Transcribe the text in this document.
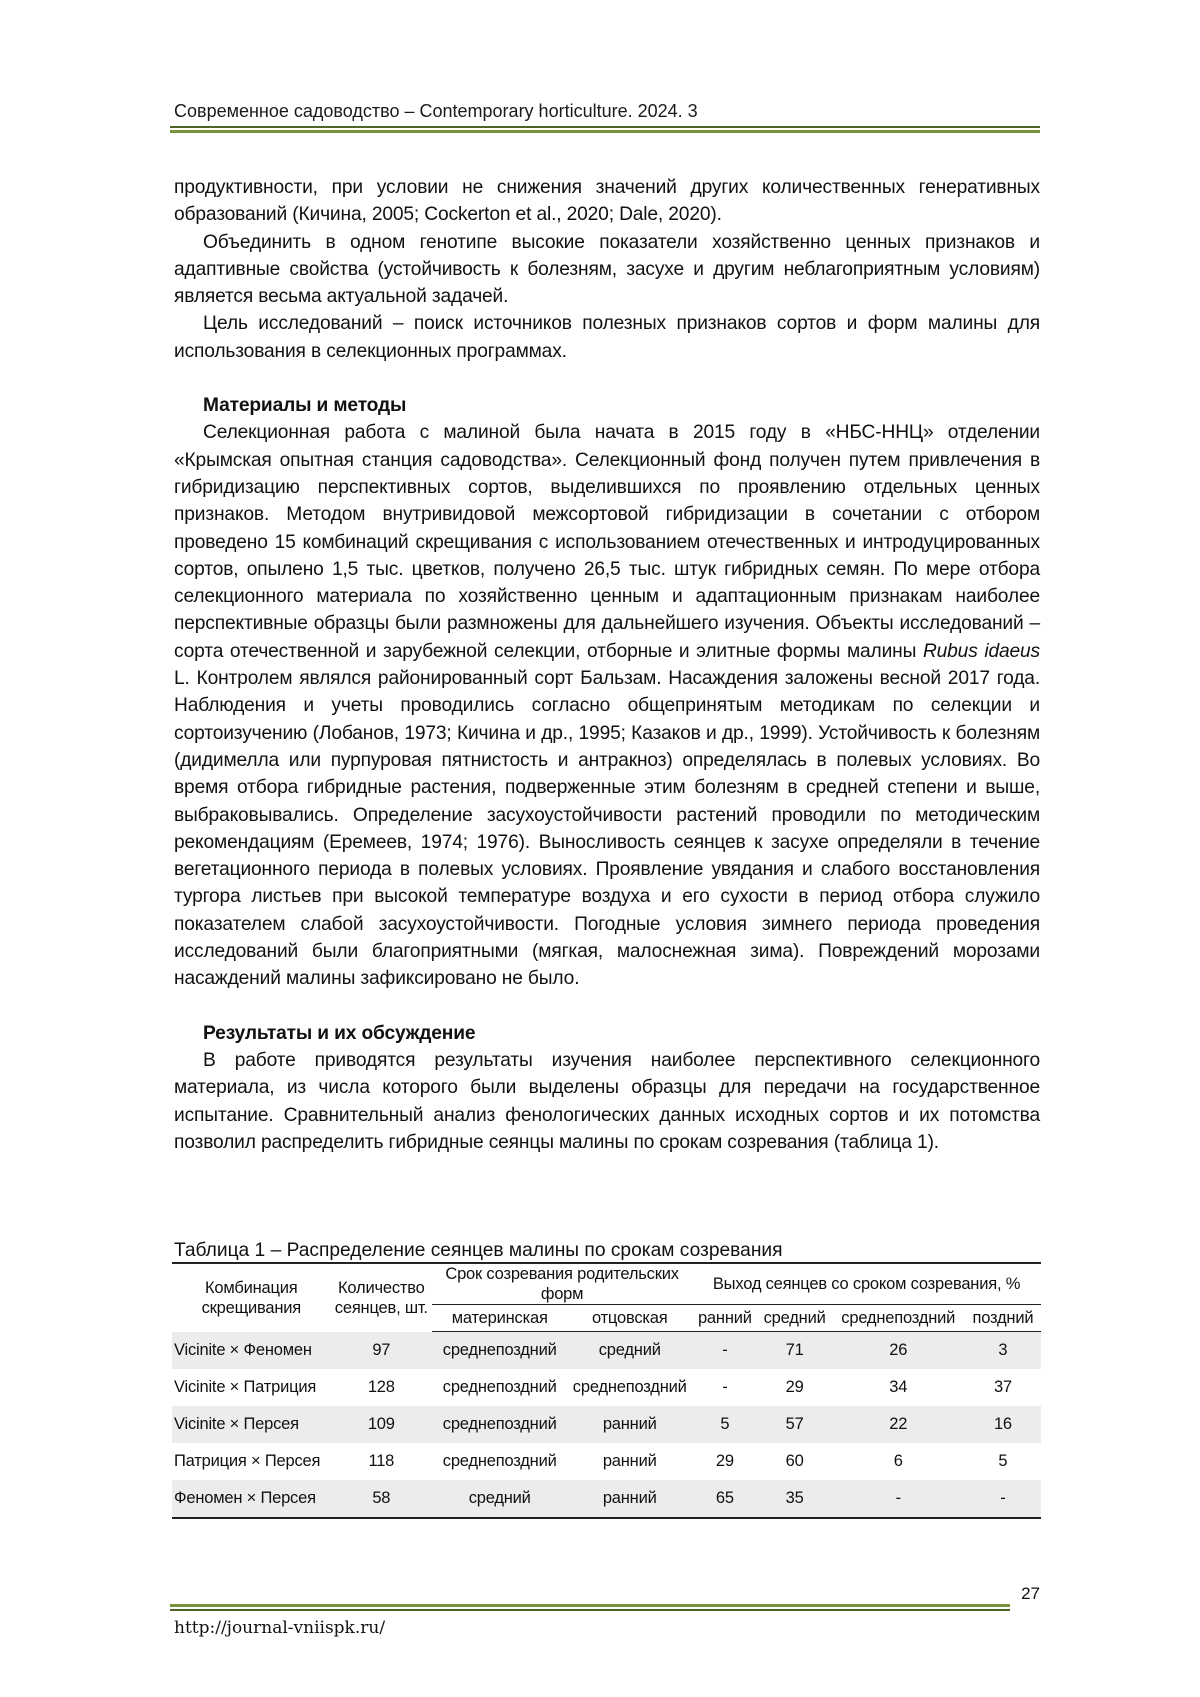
Современное садоводство – Contemporary horticulture. 2024. 3

продуктивности, при условии не снижения значений других количественных генеративных образований (Кичина, 2005; Cockerton et al., 2020; Dale, 2020).

Объединить в одном генотипе высокие показатели хозяйственно ценных признаков и адаптивные свойства (устойчивость к болезням, засухе и другим неблагоприятным условиям) является весьма актуальной задачей.

Цель исследований – поиск источников полезных признаков сортов и форм малины для использования в селекционных программах.

Материалы и методы

Селекционная работа с малиной была начата в 2015 году в «НБС-ННЦ» отделении «Крымская опытная станция садоводства». Селекционный фонд получен путем привлечения в гибридизацию перспективных сортов, выделившихся по проявлению отдельных ценных признаков. Методом внутривидовой межсортовой гибридизации в сочетании с отбором проведено 15 комбинаций скрещивания с использованием отечественных и интродуцированных сортов, опылено 1,5 тыс. цветков, получено 26,5 тыс. штук гибридных семян. По мере отбора селекционного материала по хозяйственно ценным и адаптационным признакам наиболее перспективные образцы были размножены для дальнейшего изучения. Объекты исследований – сорта отечественной и зарубежной селекции, отборные и элитные формы малины Rubus idaeus L. Контролем являлся районированный сорт Бальзам. Насаждения заложены весной 2017 года. Наблюдения и учеты проводились согласно общепринятым методикам по селекции и сортоизучению (Лобанов, 1973; Кичина и др., 1995; Казаков и др., 1999). Устойчивость к болезням (дидимелла или пурпуровая пятнистость и антракноз) определялась в полевых условиях. Во время отбора гибридные растения, подверженные этим болезням в средней степени и выше, выбраковывались. Определение засухоустойчивости растений проводили по методическим рекомендациям (Еремеев, 1974; 1976). Выносливость сеянцев к засухе определяли в течение вегетационного периода в полевых условиях. Проявление увядания и слабого восстановления тургора листьев при высокой температуре воздуха и его сухости в период отбора служило показателем слабой засухоустойчивости. Погодные условия зимнего периода проведения исследований были благоприятными (мягкая, малоснежная зима). Повреждений морозами насаждений малины зафиксировано не было.

Результаты и их обсуждение

В работе приводятся результаты изучения наиболее перспективного селекционного материала, из числа которого были выделены образцы для передачи на государственное испытание. Сравнительный анализ фенологических данных исходных сортов и их потомства позволил распределить гибридные сеянцы малины по срокам созревания (таблица 1).

Таблица 1 – Распределение сеянцев малины по срокам созревания
Комбинация скрещивания	Количество сеянцев, шт.	Срок созревания родительских форм		Выход сеянцев со сроком созревания, %			
		материнская	отцовская	ранний	средний	среднепоздний	поздний
Vicinite × Феномен	97	среднепоздний	средний	-	71	26	3
Vicinite × Патриция	128	среднепоздний	среднепоздний	-	29	34	37
Vicinite × Персея	109	среднепоздний	ранний	5	57	22	16
Патриция × Персея	118	среднепоздний	ранний	29	60	6	5
Феномен × Персея	58	средний	ранний	65	35	-	-
27
http://journal-vniispk.ru/
